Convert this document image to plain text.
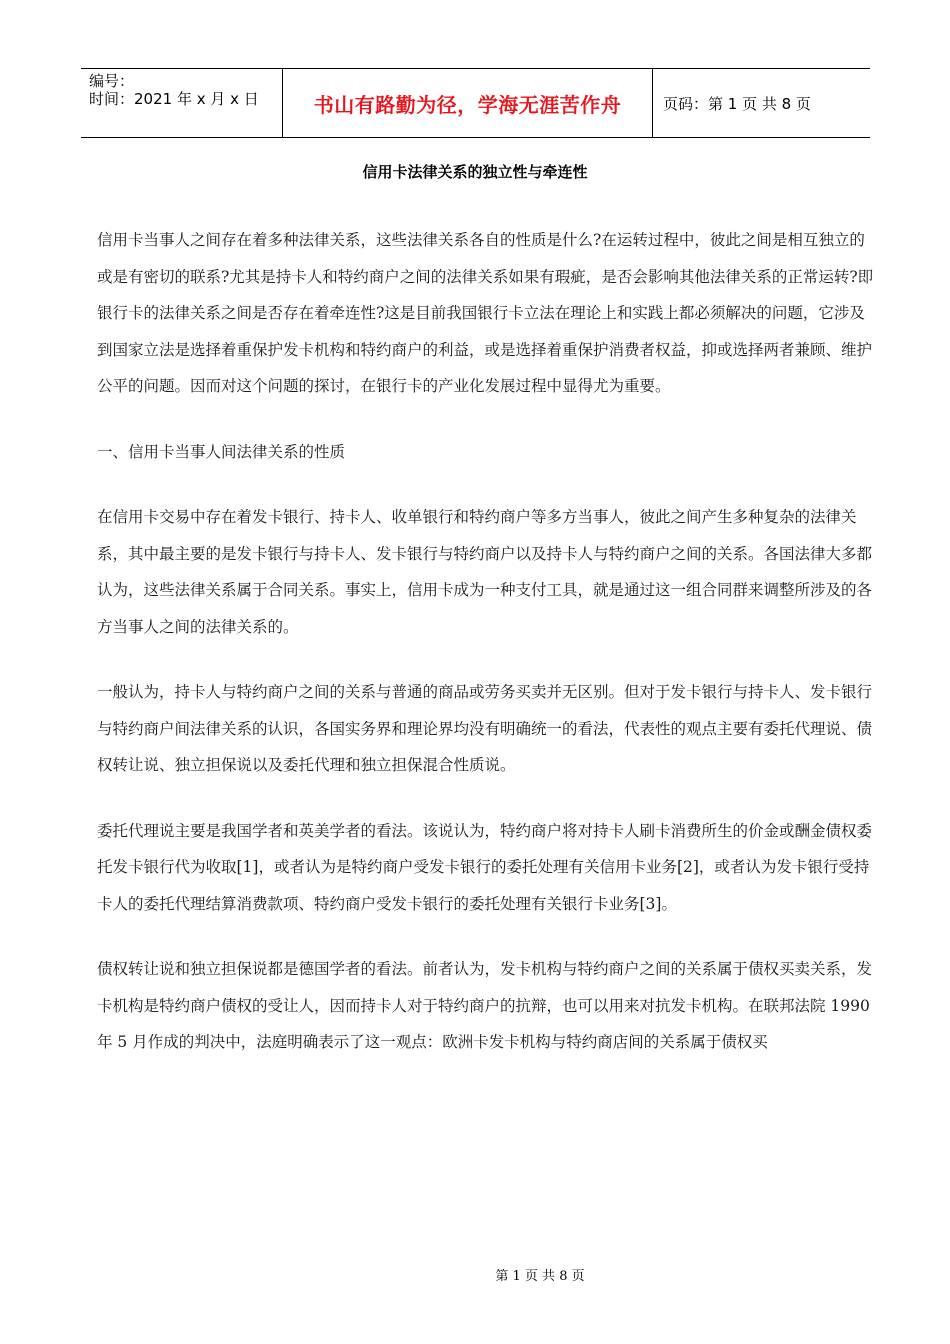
编号：
时间：2021 年 x 月 x 日	书山有路勤为径，学海无涯苦作舟	页码：第 1 页 共 8 页
信用卡法律关系的独立性与牵连性

信用卡当事人之间存在着多种法律关系，这些法律关系各自的性质是什么?在运转过程中，彼此之间是相互独立的或是有密切的联系?尤其是持卡人和特约商户之间的法律关系如果有瑕疵，是否会影响其他法律关系的正常运转?即银行卡的法律关系之间是否存在着牵连性?这是目前我国银行卡立法在理论上和实践上都必须解决的问题，它涉及到国家立法是选择着重保护发卡机构和特约商户的利益，或是选择着重保护消费者权益，抑或选择两者兼顾、维护公平的问题。因而对这个问题的探讨，在银行卡的产业化发展过程中显得尤为重要。

一、信用卡当事人间法律关系的性质

在信用卡交易中存在着发卡银行、持卡人、收单银行和特约商户等多方当事人，彼此之间产生多种复杂的法律关系，其中最主要的是发卡银行与持卡人、发卡银行与特约商户以及持卡人与特约商户之间的关系。各国法律大多都认为，这些法律关系属于合同关系。事实上，信用卡成为一种支付工具，就是通过这一组合同群来调整所涉及的各方当事人之间的法律关系的。

一般认为，持卡人与特约商户之间的关系与普通的商品或劳务买卖并无区别。但对于发卡银行与持卡人、发卡银行与特约商户间法律关系的认识，各国实务界和理论界均没有明确统一的看法，代表性的观点主要有委托代理说、债权转让说、独立担保说以及委托代理和独立担保混合性质说。

委托代理说主要是我国学者和英美学者的看法。该说认为，特约商户将对持卡人刷卡消费所生的价金或酬金债权委托发卡银行代为收取[1]，或者认为是特约商户受发卡银行的委托处理有关信用卡业务[2]，或者认为发卡银行受持卡人的委托代理结算消费款项、特约商户受发卡银行的委托处理有关银行卡业务[3]。

债权转让说和独立担保说都是德国学者的看法。前者认为，发卡机构与特约商户之间的关系属于债权买卖关系，发卡机构是特约商户债权的受让人，因而持卡人对于特约商户的抗辩，也可以用来对抗发卡机构。在联邦法院 1990 年 5 月作成的判决中，法庭明确表示了这一观点：欧洲卡发卡机构与特约商店间的关系属于债权买

第 1 页 共 8 页
